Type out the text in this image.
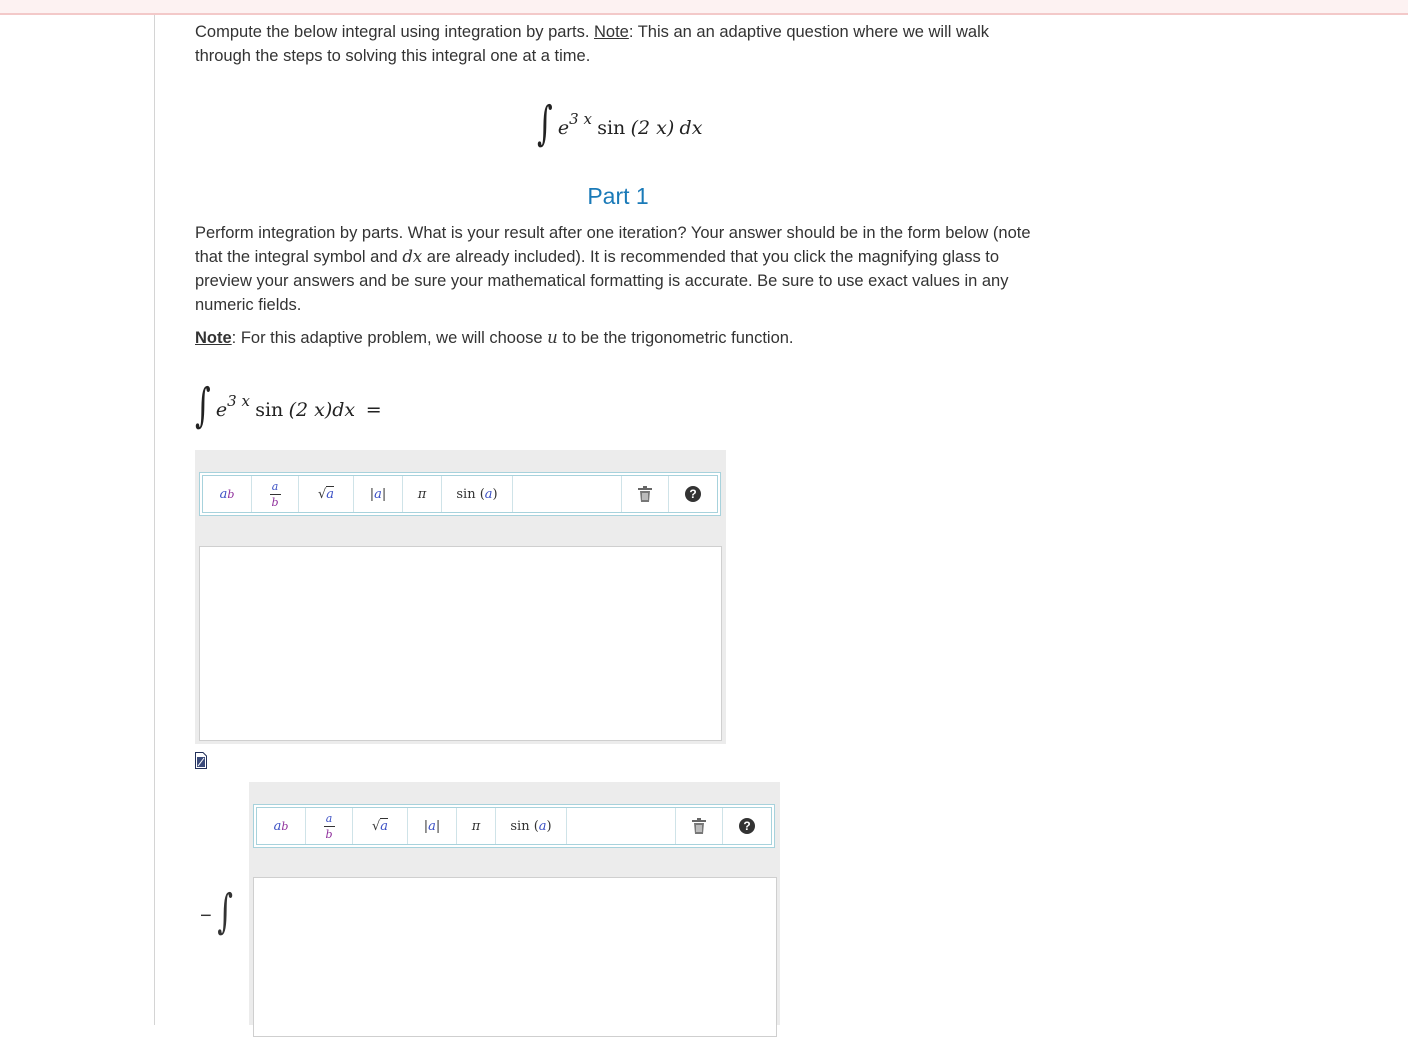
Compute the below integral using integration by parts. Note: This an an adaptive question where we will walk through the steps to solving this integral one at a time.

∫ $e^{3 x}$ sin (2 x) dx
Part 1

Perform integration by parts. What is your result after one iteration? Your answer should be in the form below (note that the integral symbol and dx are already included). It is recommended that you click the magnifying glass to preview your answers and be sure your mathematical formatting is accurate. Be sure to use exact values in any numeric fields.

Note: For this adaptive problem, we will choose u to be the trigonometric function.

∫ $e^{3 x}$ sin (2 x)dx =
a b	$\frac{a}{b}$	√ a	| a | π sin
( a )	?
− ∫
a b	$\frac{a}{b}$	√ a	| a | π sin
( a )	?
